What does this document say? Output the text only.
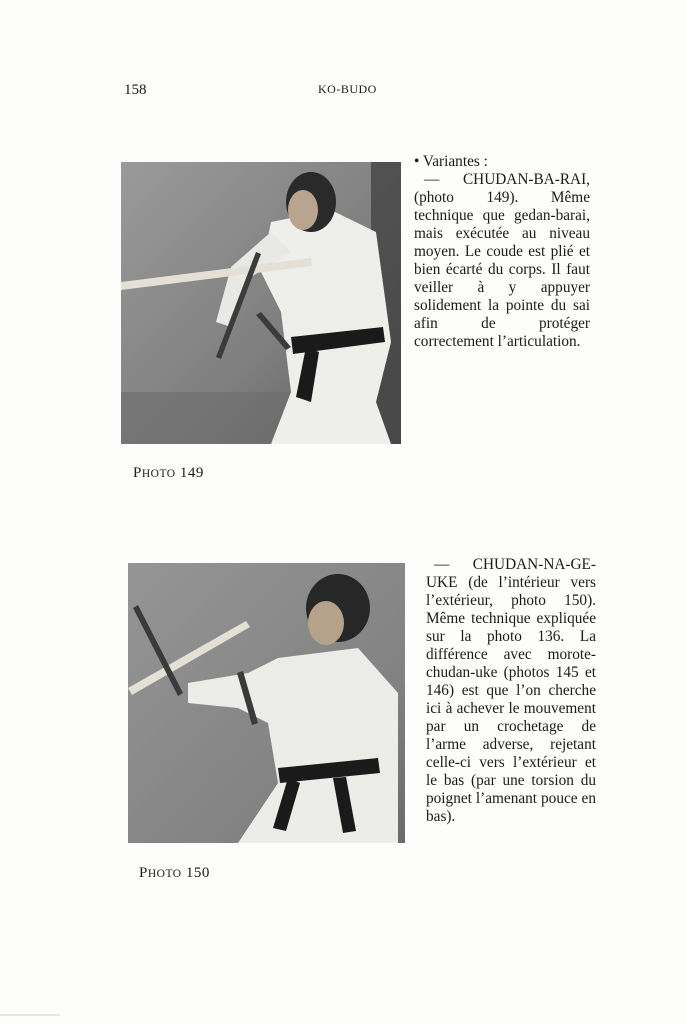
158	KO-BUDO
PHOTO 149

• Variantes :

— CHUDAN-BA-RAI, (photo 149). Même technique que gedan-barai, mais exécutée au niveau moyen. Le coude est plié et bien écarté du corps. Il faut veiller à y appuyer solidement la pointe du sai afin de protéger correctement l’articulation.

PHOTO 150

— CHUDAN-NA-GE-UKE (de l’intérieur vers l’extérieur, photo 150). Même technique expliquée sur la photo 136. La différence avec morote-chudan-uke (photos 145 et 146) est que l’on cherche ici à achever le mouvement par un crochetage de l’arme adverse, rejetant celle-ci vers l’extérieur et le bas (par une torsion du poignet l’amenant pouce en bas).
